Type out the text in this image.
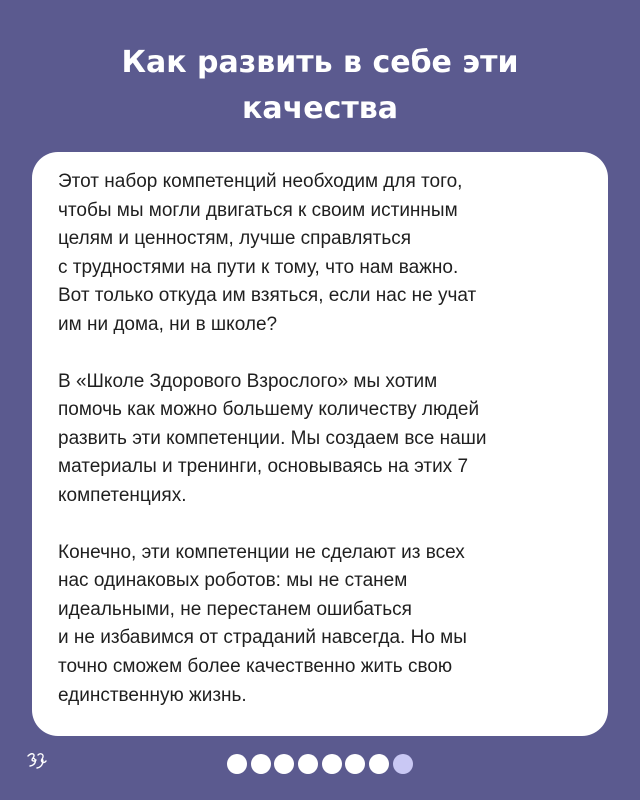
Как развить в себе эти
качества

Этот набор компетенций необходим для того,
чтобы мы могли двигаться к своим истинным
целям и ценностям, лучше справляться
с трудностями на пути к тому, что нам важно.
Вот только откуда им взяться, если нас не учат
им ни дома, ни в школе?

В «Школе Здорового Взрослого» мы хотим
помочь как можно большему количеству людей
развить эти компетенции. Мы создаем все наши
материалы и тренинги, основываясь на этих 7
компетенциях.

Конечно, эти компетенции не сделают из всех
нас одинаковых роботов: мы не станем
идеальными, не перестанем ошибаться
и не избавимся от страданий навсегда. Но мы
точно сможем более качественно жить свою
единственную жизнь.
